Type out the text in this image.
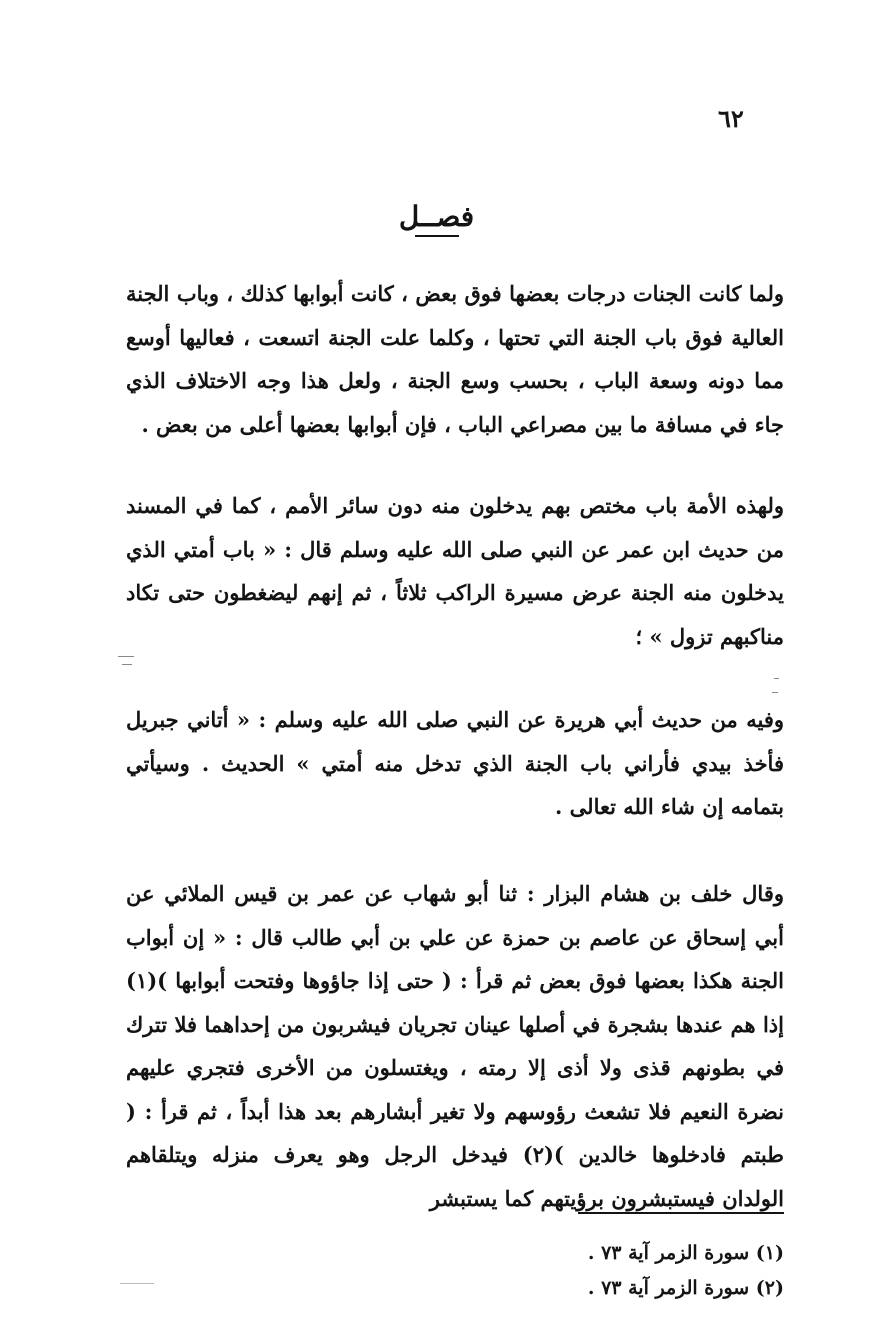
٦٢
فصــل
ولما كانت الجنات درجات بعضها فوق بعض ، كانت أبوابها كذلك ، وباب الجنة العالية فوق باب الجنة التي تحتها ، وكلما علت الجنة اتسعت ، فعاليها أوسع مما دونه وسعة الباب ، بحسب وسع الجنة ، ولعل هذا وجه الاختلاف الذي جاء في مسافة ما بين مصراعي الباب ، فإن أبوابها بعضها أعلى من بعض .
ولهذه الأمة باب مختص بهم يدخلون منه دون سائر الأمم ، كما في المسند من حديث ابن عمر عن النبي صلى الله عليه وسلم قال : « باب أمتي الذي يدخلون منه الجنة عرض مسيرة الراكب ثلاثاً ، ثم إنهم ليضغطون حتى تكاد مناكبهم تزول » ؛
وفيه من حديث أبي هريرة عن النبي صلى الله عليه وسلم : « أتاني جبريل فأخذ بيدي فأراني باب الجنة الذي تدخل منه أمتي » الحديث . وسيأتي بتمامه إن شاء الله تعالى .
وقال خلف بن هشام البزار : ثنا أبو شهاب عن عمر بن قيس الملائي عن أبي إسحاق عن عاصم بن حمزة عن علي بن أبي طالب قال : « إن أبواب الجنة هكذا بعضها فوق بعض ثم قرأ : ( حتى إذا جاؤوها وفتحت أبوابها )(١) إذا هم عندها بشجرة في أصلها عينان تجريان فيشربون من إحداهما فلا تترك في بطونهم قذى ولا أذى إلا رمته ، ويغتسلون من الأخرى فتجري عليهم نضرة النعيم فلا تشعث رؤوسهم ولا تغير أبشارهم بعد هذا أبداً ، ثم قرأ : ( طبتم فادخلوها خالدين )(٢) فيدخل الرجل وهو يعرف منزله ويتلقاهم الولدان فيستبشرون برؤيتهم كما يستبشر
(١) سورة الزمر آية ٧٣ .
(٢) سورة الزمر آية ٧٣ .
